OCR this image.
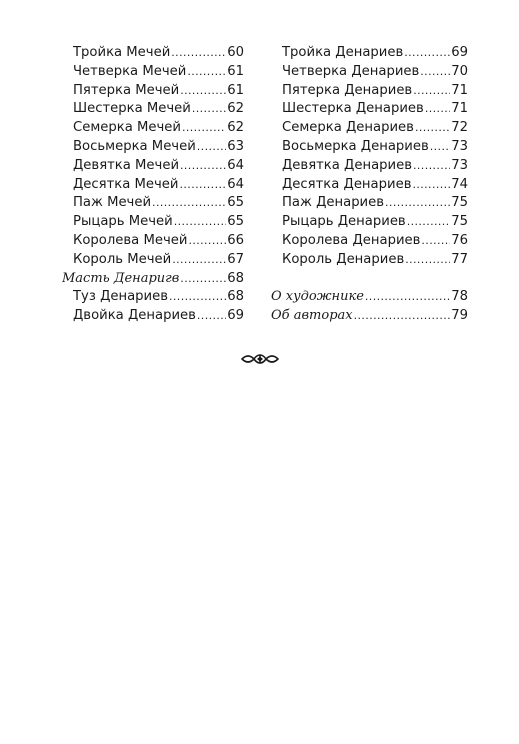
Тройка Мечей .....	60
Четверка Мечей .....	61
Пятерка Мечей .....	61
Шестерка Мечей .....	62
Семерка Мечей .....	62
Восьмерка Мечей ..... 63
Девятка Мечей .....	64
Десятка Мечей .....	64
Паж Мечей .....	65
Рыцарь Мечей .....	65
Королева Мечей .....	66
Король Мечей .....	67
Масть Денаригв .....	68
Туз Денариев .....	68
Двойка Денариев ..... 69
Тройка Денариев .....	69
Четверка Денариев ..... 70
Пятерка Денариев .....	71
Шестерка Денариев ..... 71
Семерка Денариев .....	72
Восьмерка Денариев ..... 73
Девятка Денариев .....	73
Десятка Денариев .....	74
Паж Денариев .....	75
Рыцарь Денариев .....	75
Королева Денариев ..... 76
Король Денариев .....	77
О художнике .....	78
Об авторах .....	79
